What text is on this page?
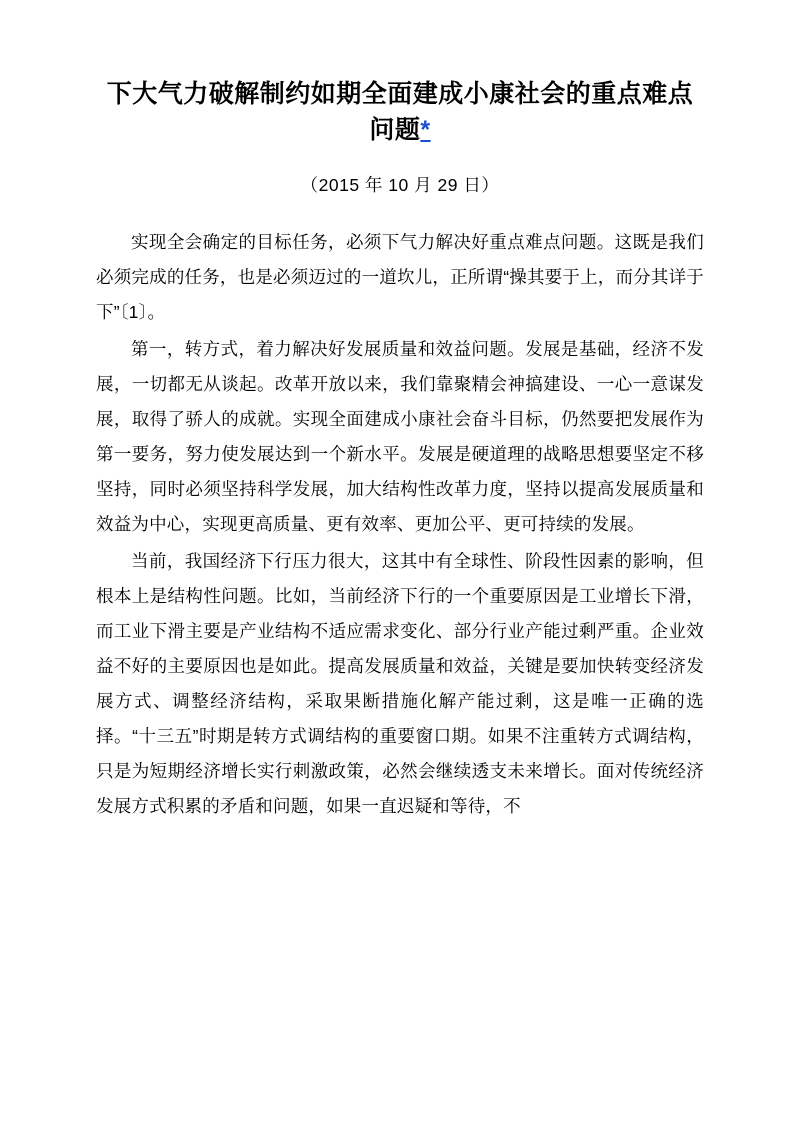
下大气力破解制约如期全面建成小康社会的重点难点问题*
（2015 年 10 月 29 日）

实现全会确定的目标任务，必须下气力解决好重点难点问题。这既是我们必须完成的任务，也是必须迈过的一道坎儿，正所谓“操其要于上，而分其详于下”〔1〕。

第一，转方式，着力解决好发展质量和效益问题。发展是基础，经济不发展，一切都无从谈起。改革开放以来，我们靠聚精会神搞建设、一心一意谋发展，取得了骄人的成就。实现全面建成小康社会奋斗目标，仍然要把发展作为第一要务，努力使发展达到一个新水平。发展是硬道理的战略思想要坚定不移坚持，同时必须坚持科学发展，加大结构性改革力度，坚持以提高发展质量和效益为中心，实现更高质量、更有效率、更加公平、更可持续的发展。

当前，我国经济下行压力很大，这其中有全球性、阶段性因素的影响，但根本上是结构性问题。比如，当前经济下行的一个重要原因是工业增长下滑，而工业下滑主要是产业结构不适应需求变化、部分行业产能过剩严重。企业效益不好的主要原因也是如此。提高发展质量和效益，关键是要加快转变经济发展方式、调整经济结构，采取果断措施化解产能过剩，这是唯一正确的选择。“十三五”时期是转方式调结构的重要窗口期。如果不注重转方式调结构，只是为短期经济增长实行刺激政策，必然会继续透支未来增长。面对传统经济发展方式积累的矛盾和问题，如果一直迟疑和等待，不
